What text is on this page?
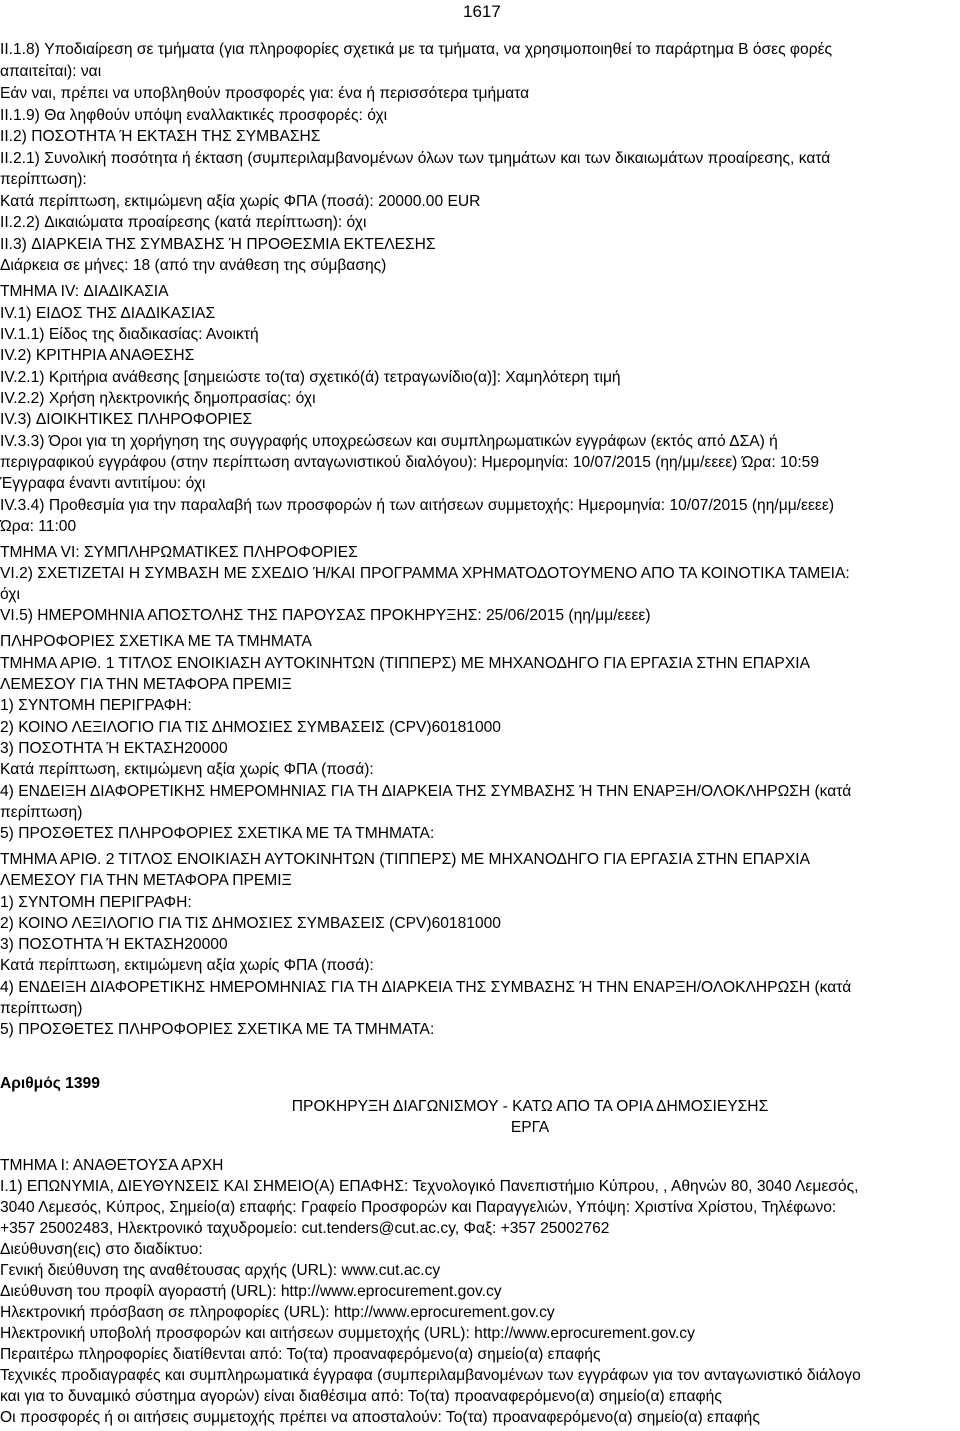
1617

II.1.8) Υποδιαίρεση σε τμήματα (για πληροφορίες σχετικά με τα τμήματα, να χρησιμοποιηθεί το παράρτημα Β όσες φορές

απαιτείται): ναι

Εάν ναι, πρέπει να υποβληθούν προσφορές για: ένα ή περισσότερα τμήματα

II.1.9) Θα ληφθούν υπόψη εναλλακτικές προσφορές: όχι

II.2) ΠΟΣΟΤΗΤΑ Ή ΕΚΤΑΣΗ ΤΗΣ ΣΥΜΒΑΣΗΣ

II.2.1) Συνολική ποσότητα ή έκταση (συμπεριλαμβανομένων όλων των τμημάτων και των δικαιωμάτων προαίρεσης, κατά

περίπτωση):

Κατά περίπτωση, εκτιμώμενη αξία χωρίς ΦΠΑ (ποσά): 20000.00 EUR

II.2.2) Δικαιώματα προαίρεσης (κατά περίπτωση): όχι

II.3) ΔΙΑΡΚΕΙΑ ΤΗΣ ΣΥΜΒΑΣΗΣ Ή ΠΡΟΘΕΣΜΙΑ ΕΚΤΕΛΕΣΗΣ

Διάρκεια σε μήνες: 18 (από την ανάθεση της σύμβασης)

ΤΜΗΜΑ IV: ΔΙΑΔΙΚΑΣΙΑ

IV.1) ΕΙΔΟΣ ΤΗΣ ΔΙΑΔΙΚΑΣΙΑΣ

IV.1.1) Είδος της διαδικασίας: Ανοικτή

IV.2) ΚΡΙΤΗΡΙΑ ΑΝΑΘΕΣΗΣ

IV.2.1) Κριτήρια ανάθεσης [σημειώστε το(τα) σχετικό(ά) τετραγωνίδιο(α)]: Χαμηλότερη τιμή

IV.2.2) Χρήση ηλεκτρονικής δημοπρασίας: όχι

IV.3) ΔΙΟΙΚΗΤΙΚΕΣ ΠΛΗΡΟΦΟΡΙΕΣ

IV.3.3) Όροι για τη χορήγηση της συγγραφής υποχρεώσεων και συμπληρωματικών εγγράφων (εκτός από ΔΣΑ) ή

περιγραφικού εγγράφου (στην περίπτωση ανταγωνιστικού διαλόγου): Ημερομηνία: 10/07/2015 (ηη/μμ/εεεε) Ώρα: 10:59

Έγγραφα έναντι αντιτίμου: όχι

IV.3.4) Προθεσμία για την παραλαβή των προσφορών ή των αιτήσεων συμμετοχής: Ημερομηνία: 10/07/2015 (ηη/μμ/εεεε)

Ώρα: 11:00

ΤΜΗΜΑ VI: ΣΥΜΠΛΗΡΩΜΑΤΙΚΕΣ ΠΛΗΡΟΦΟΡΙΕΣ

VI.2) ΣΧΕΤΙΖΕΤΑΙ Η ΣΥΜΒΑΣΗ ΜΕ ΣΧΕΔΙΟ Ή/ΚΑΙ ΠΡΟΓΡΑΜΜΑ ΧΡΗΜΑΤΟΔΟΤΟΥΜΕΝΟ ΑΠΟ ΤΑ ΚΟΙΝΟΤΙΚΑ ΤΑΜΕΙΑ:

όχι

VI.5) ΗΜΕΡΟΜΗΝΙΑ ΑΠΟΣΤΟΛΗΣ ΤΗΣ ΠΑΡΟΥΣΑΣ ΠΡΟΚΗΡΥΞΗΣ: 25/06/2015 (ηη/μμ/εεεε)

ΠΛΗΡΟΦΟΡΙΕΣ ΣΧΕΤΙΚΑ ΜΕ ΤΑ ΤΜΗΜΑΤΑ

ΤΜΗΜΑ ΑΡΙΘ. 1 ΤΙΤΛΟΣ ΕΝΟΙΚΙΑΣΗ ΑΥΤΟΚΙΝΗΤΩΝ (ΤΙΠΠΕΡΣ) ΜΕ ΜΗΧΑΝΟΔΗΓΟ ΓΙΑ ΕΡΓΑΣΙΑ ΣΤΗΝ ΕΠΑΡΧΙΑ

ΛΕΜΕΣΟΥ ΓΙΑ ΤΗΝ ΜΕΤΑΦΟΡΑ ΠΡΕΜΙΞ

1) ΣΥΝΤΟΜΗ ΠΕΡΙΓΡΑΦΗ:

2) ΚΟΙΝΟ ΛΕΞΙΛΟΓΙΟ ΓΙΑ ΤΙΣ ΔΗΜΟΣΙΕΣ ΣΥΜΒΑΣΕΙΣ (CPV)60181000

3) ΠΟΣΟΤΗΤΑ Ή ΕΚΤΑΣΗ20000

Κατά περίπτωση, εκτιμώμενη αξία χωρίς ΦΠΑ (ποσά):

4) ΕΝΔΕΙΞΗ ΔΙΑΦΟΡΕΤΙΚΗΣ ΗΜΕΡΟΜΗΝΙΑΣ ΓΙΑ ΤΗ ΔΙΑΡΚΕΙΑ ΤΗΣ ΣΥΜΒΑΣΗΣ Ή ΤΗΝ ΕΝΑΡΞΗ/ΟΛΟΚΛΗΡΩΣΗ (κατά

περίπτωση)

5) ΠΡΟΣΘΕΤΕΣ ΠΛΗΡΟΦΟΡΙΕΣ ΣΧΕΤΙΚΑ ΜΕ ΤΑ ΤΜΗΜΑΤΑ:

ΤΜΗΜΑ ΑΡΙΘ. 2 ΤΙΤΛΟΣ ΕΝΟΙΚΙΑΣΗ ΑΥΤΟΚΙΝΗΤΩΝ (ΤΙΠΠΕΡΣ) ΜΕ ΜΗΧΑΝΟΔΗΓΟ ΓΙΑ ΕΡΓΑΣΙΑ ΣΤΗΝ ΕΠΑΡΧΙΑ

ΛΕΜΕΣΟΥ ΓΙΑ ΤΗΝ ΜΕΤΑΦΟΡΑ ΠΡΕΜΙΞ

1) ΣΥΝΤΟΜΗ ΠΕΡΙΓΡΑΦΗ:

2) ΚΟΙΝΟ ΛΕΞΙΛΟΓΙΟ ΓΙΑ ΤΙΣ ΔΗΜΟΣΙΕΣ ΣΥΜΒΑΣΕΙΣ (CPV)60181000

3) ΠΟΣΟΤΗΤΑ Ή ΕΚΤΑΣΗ20000

Κατά περίπτωση, εκτιμώμενη αξία χωρίς ΦΠΑ (ποσά):

4) ΕΝΔΕΙΞΗ ΔΙΑΦΟΡΕΤΙΚΗΣ ΗΜΕΡΟΜΗΝΙΑΣ ΓΙΑ ΤΗ ΔΙΑΡΚΕΙΑ ΤΗΣ ΣΥΜΒΑΣΗΣ Ή ΤΗΝ ΕΝΑΡΞΗ/ΟΛΟΚΛΗΡΩΣΗ (κατά

περίπτωση)

5) ΠΡΟΣΘΕΤΕΣ ΠΛΗΡΟΦΟΡΙΕΣ ΣΧΕΤΙΚΑ ΜΕ ΤΑ ΤΜΗΜΑΤΑ:

Αριθμός 1399

ΠΡΟΚΗΡΥΞΗ ΔΙΑΓΩΝΙΣΜΟΥ - ΚΑΤΩ ΑΠΟ ΤΑ ΟΡΙΑ ΔΗΜΟΣΙΕΥΣΗΣ

ΕΡΓΑ

ΤΜΗΜΑ Ι: ΑΝΑΘΕΤΟΥΣΑ ΑΡΧΗ

Ι.1) ΕΠΩΝΥΜΙΑ, ΔΙΕΥΘΥΝΣΕΙΣ ΚΑΙ ΣΗΜΕΙΟ(Α) ΕΠΑΦΗΣ: Τεχνολογικό Πανεπιστήμιο Κύπρου, , Αθηνών 80, 3040 Λεμεσός,

3040 Λεμεσός, Κύπρος, Σημείο(α) επαφής: Γραφείο Προσφορών και Παραγγελιών, Υπόψη: Χριστίνα Χρίστου, Τηλέφωνο:

+357 25002483, Ηλεκτρονικό ταχυδρομείο: cut.tenders@cut.ac.cy, Φαξ: +357 25002762

Διεύθυνση(εις) στο διαδίκτυο:

Γενική διεύθυνση της αναθέτουσας αρχής (URL): www.cut.ac.cy

Διεύθυνση του προφίλ αγοραστή (URL): http://www.eprocurement.gov.cy

Ηλεκτρονική πρόσβαση σε πληροφορίες (URL): http://www.eprocurement.gov.cy

Ηλεκτρονική υποβολή προσφορών και αιτήσεων συμμετοχής (URL): http://www.eprocurement.gov.cy

Περαιτέρω πληροφορίες διατίθενται από: Το(τα) προαναφερόμενο(α) σημείο(α) επαφής

Τεχνικές προδιαγραφές και συμπληρωματικά έγγραφα (συμπεριλαμβανομένων των εγγράφων για τον ανταγωνιστικό διάλογο

και για το δυναμικό σύστημα αγορών) είναι διαθέσιμα από: Το(τα) προαναφερόμενο(α) σημείο(α) επαφής

Οι προσφορές ή οι αιτήσεις συμμετοχής πρέπει να αποσταλούν: Το(τα) προαναφερόμενο(α) σημείο(α) επαφής
